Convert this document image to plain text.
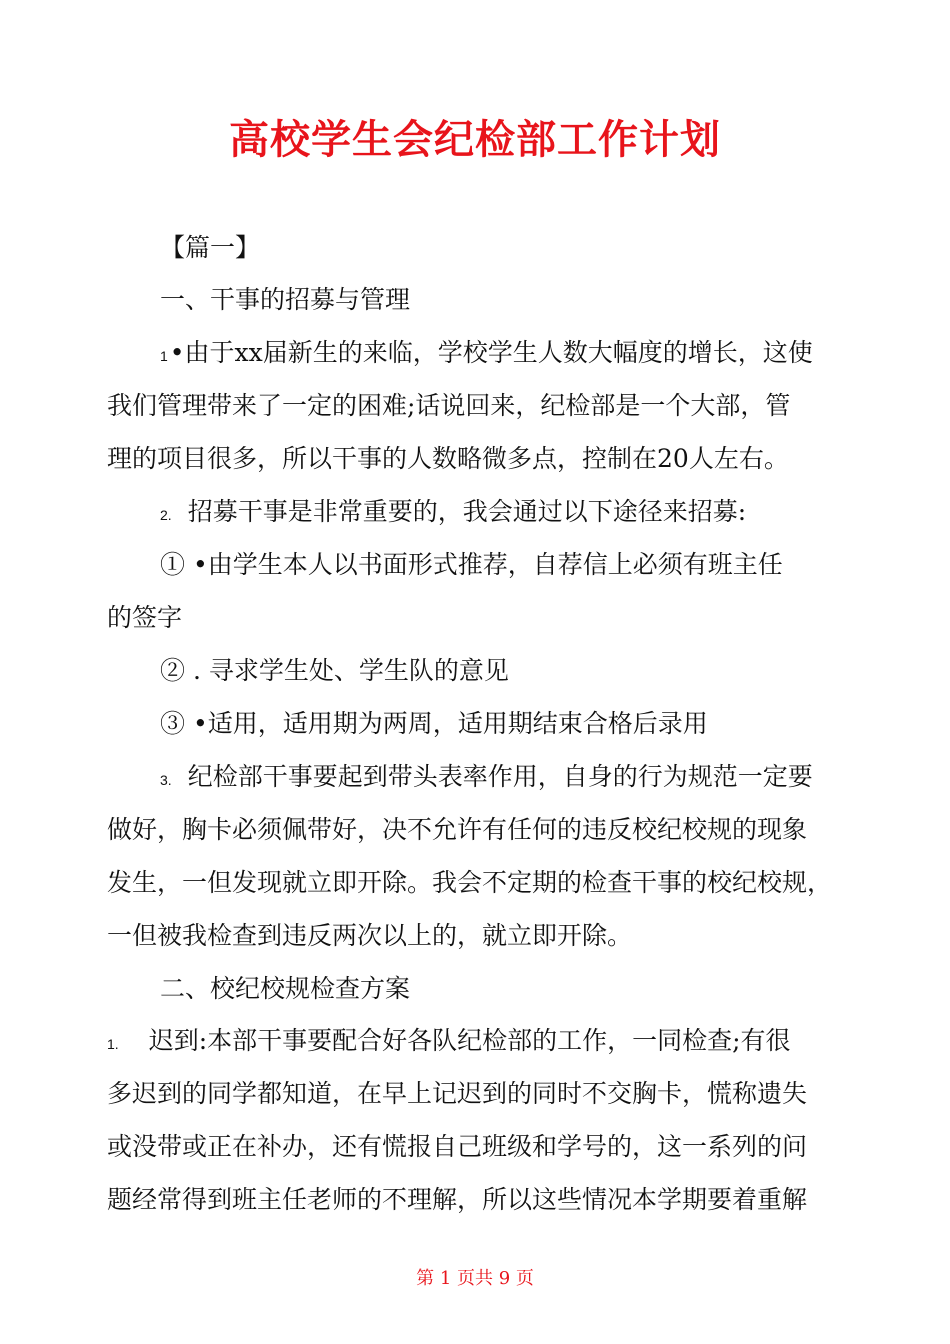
高校学生会纪检部工作计划
【篇一】
一、干事的招募与管理
1•由于xx届新生的来临，学校学生人数大幅度的增长，这使
我们管理带来了一定的困难;话说回来，纪检部是一个大部，管
理的项目很多，所以干事的人数略微多点，控制在20人左右。
2. 招募干事是非常重要的，我会通过以下途径来招募:
① •由学生本人以书面形式推荐，自荐信上必须有班主任
的签字
② . 寻求学生处、学生队的意见
③ •适用，适用期为两周，适用期结束合格后录用
3. 纪检部干事要起到带头表率作用，自身的行为规范一定要
做好，胸卡必须佩带好，决不允许有任何的违反校纪校规的现象
发生，一但发现就立即开除。我会不定期的检查干事的校纪校规，
一但被我检查到违反两次以上的，就立即开除。
二、校纪校规检查方案
1. 迟到:本部干事要配合好各队纪检部的工作，一同检查;有很
多迟到的同学都知道，在早上记迟到的同时不交胸卡，慌称遗失
或没带或正在补办，还有慌报自己班级和学号的，这一系列的问
题经常得到班主任老师的不理解，所以这些情况本学期要着重解
第 1 页共 9 页
